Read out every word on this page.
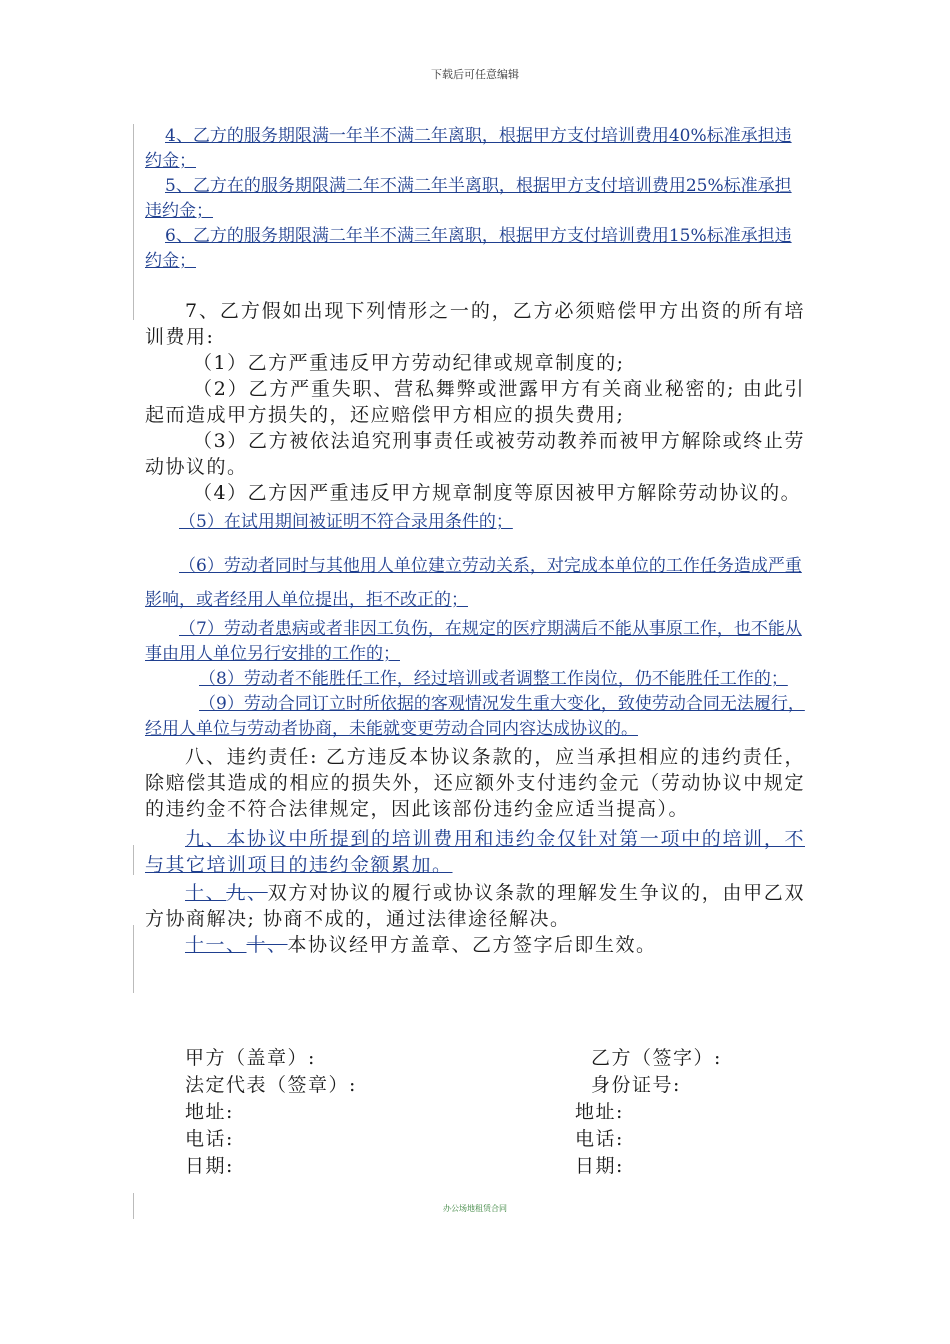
下载后可任意编辑
4、乙方的服务期限满一年半不满二年离职，根据甲方支付培训费用40%标准承担违约金；
5、乙方在的服务期限满二年不满二年半离职，根据甲方支付培训费用25%标准承担违约金；
6、乙方的服务期限满二年半不满三年离职，根据甲方支付培训费用15%标准承担违约金；

7、乙方假如出现下列情形之一的，乙方必须赔偿甲方出资的所有培训费用:

（1）乙方严重违反甲方劳动纪律或规章制度的;

（2）乙方严重失职、营私舞弊或泄露甲方有关商业秘密的; 由此引起而造成甲方损失的，还应赔偿甲方相应的损失费用;

（3）乙方被依法追究刑事责任或被劳动教养而被甲方解除或终止劳动协议的。

（4）乙方因严重违反甲方规章制度等原因被甲方解除劳动协议的。

（5）在试用期间被证明不符合录用条件的；
（6）劳动者同时与其他用人单位建立劳动关系，对完成本单位的工作任务造成严重影响，或者经用人单位提出，拒不改正的；
（7）劳动者患病或者非因工负伤，在规定的医疗期满后不能从事原工作，也不能从事由用人单位另行安排的工作的；
（8）劳动者不能胜任工作，经过培训或者调整工作岗位，仍不能胜任工作的；
（9）劳动合同订立时所依据的客观情况发生重大变化，致使劳动合同无法履行，经用人单位与劳动者协商，未能就变更劳动合同内容达成协议的。

八、违约责任: 乙方违反本协议条款的，应当承担相应的违约责任，除赔偿其造成的相应的损失外，还应额外支付违约金元（劳动协议中规定的违约金不符合法律规定，因此该部份违约金应适当提高）。

九、本协议中所提到的培训费用和违约金仅针对第一项中的培训，不与其它培训项目的违约金额累加。

十、九、双方对协议的履行或协议条款的理解发生争议的，由甲乙双方协商解决; 协商不成的，通过法律途径解决。

十一、十、本协议经甲方盖章、乙方签字后即生效。

甲方（盖章）:	乙方（签字）:
法定代表（签章）:	身份证号:
地址:	地址:
电话:	电话:
日期:	日期:
办公场地租赁合同
